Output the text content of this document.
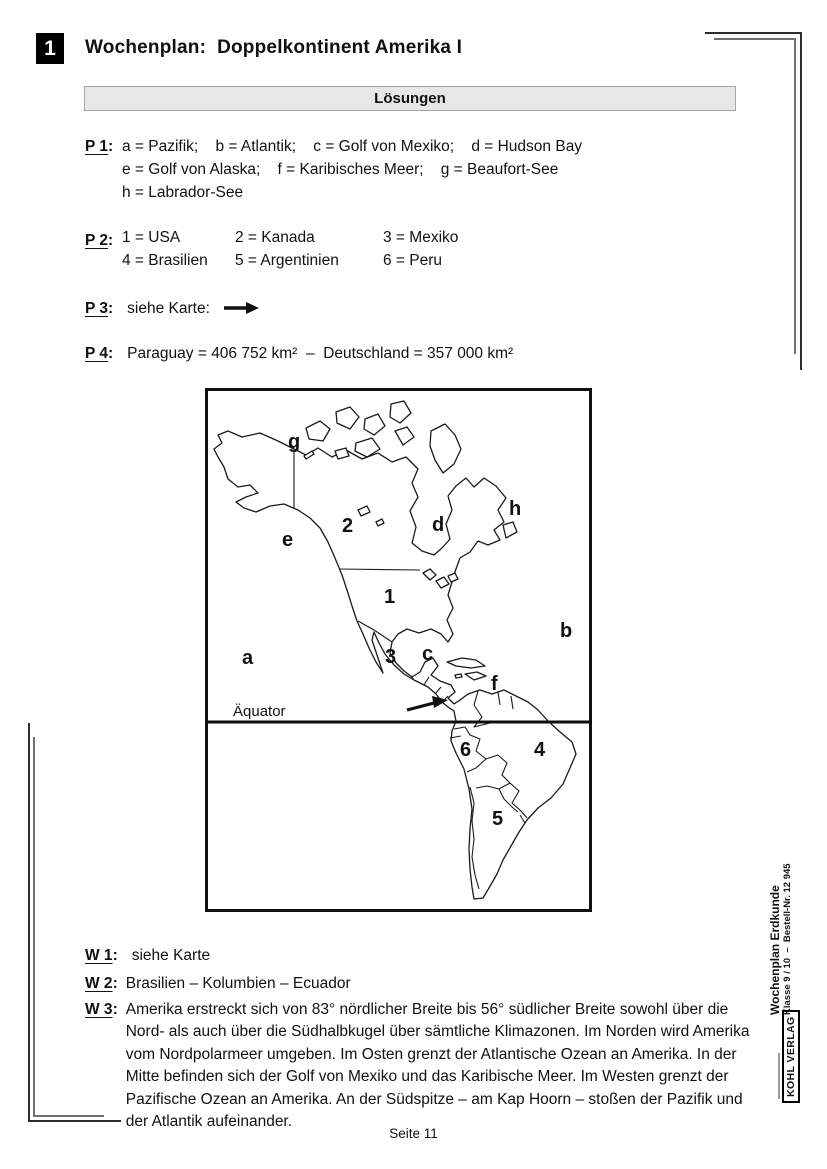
1	Wochenplan:  Doppelkontinent Amerika I
Lösungen
P 1: a = Pazifik;    b = Atlantik;    c = Golf von Mexiko;    d = Hudson Bay
e = Golf von Alaska;    f = Karibisches Meer;    g = Beaufort-See
h = Labrador-See
P 2: 1 = USA	2 = Kanada	3 = Mexiko
4 = Brasilien 5 = Argentinien	6 = Peru
P 3: siehe Karte:
P 4: Paraguay = 406 752 km²  –  Deutschland = 357 000 km²
g
2	d
h
e
1
b
a	3 c
f
6	4
5
Äquator
W 1: siehe Karte
W 2: Brasilien – Kolumbien – Ecuador
W 3: Amerika erstreckt sich von 83° nördlicher Breite bis 56° südlicher Breite sowohl über die Nord- als auch über die Südhalbkugel über sämtliche Klimazonen. Im Norden wird Amerika vom Nordpolarmeer umgeben. Im Osten grenzt der Atlantische Ozean an Amerika. In der Mitte befinden sich der Golf von Mexiko und das Karibische Meer. Im Westen grenzt der Pazifische Ozean an Amerika. An der Südspitze – am Kap Hoorn – stoßen der Pazifik und der Atlantik aufeinander.
Seite 11
Wochenplan Erdkunde Klasse 9 / 10  –  Bestell-Nr. 12 945
KOHL VERLAG
